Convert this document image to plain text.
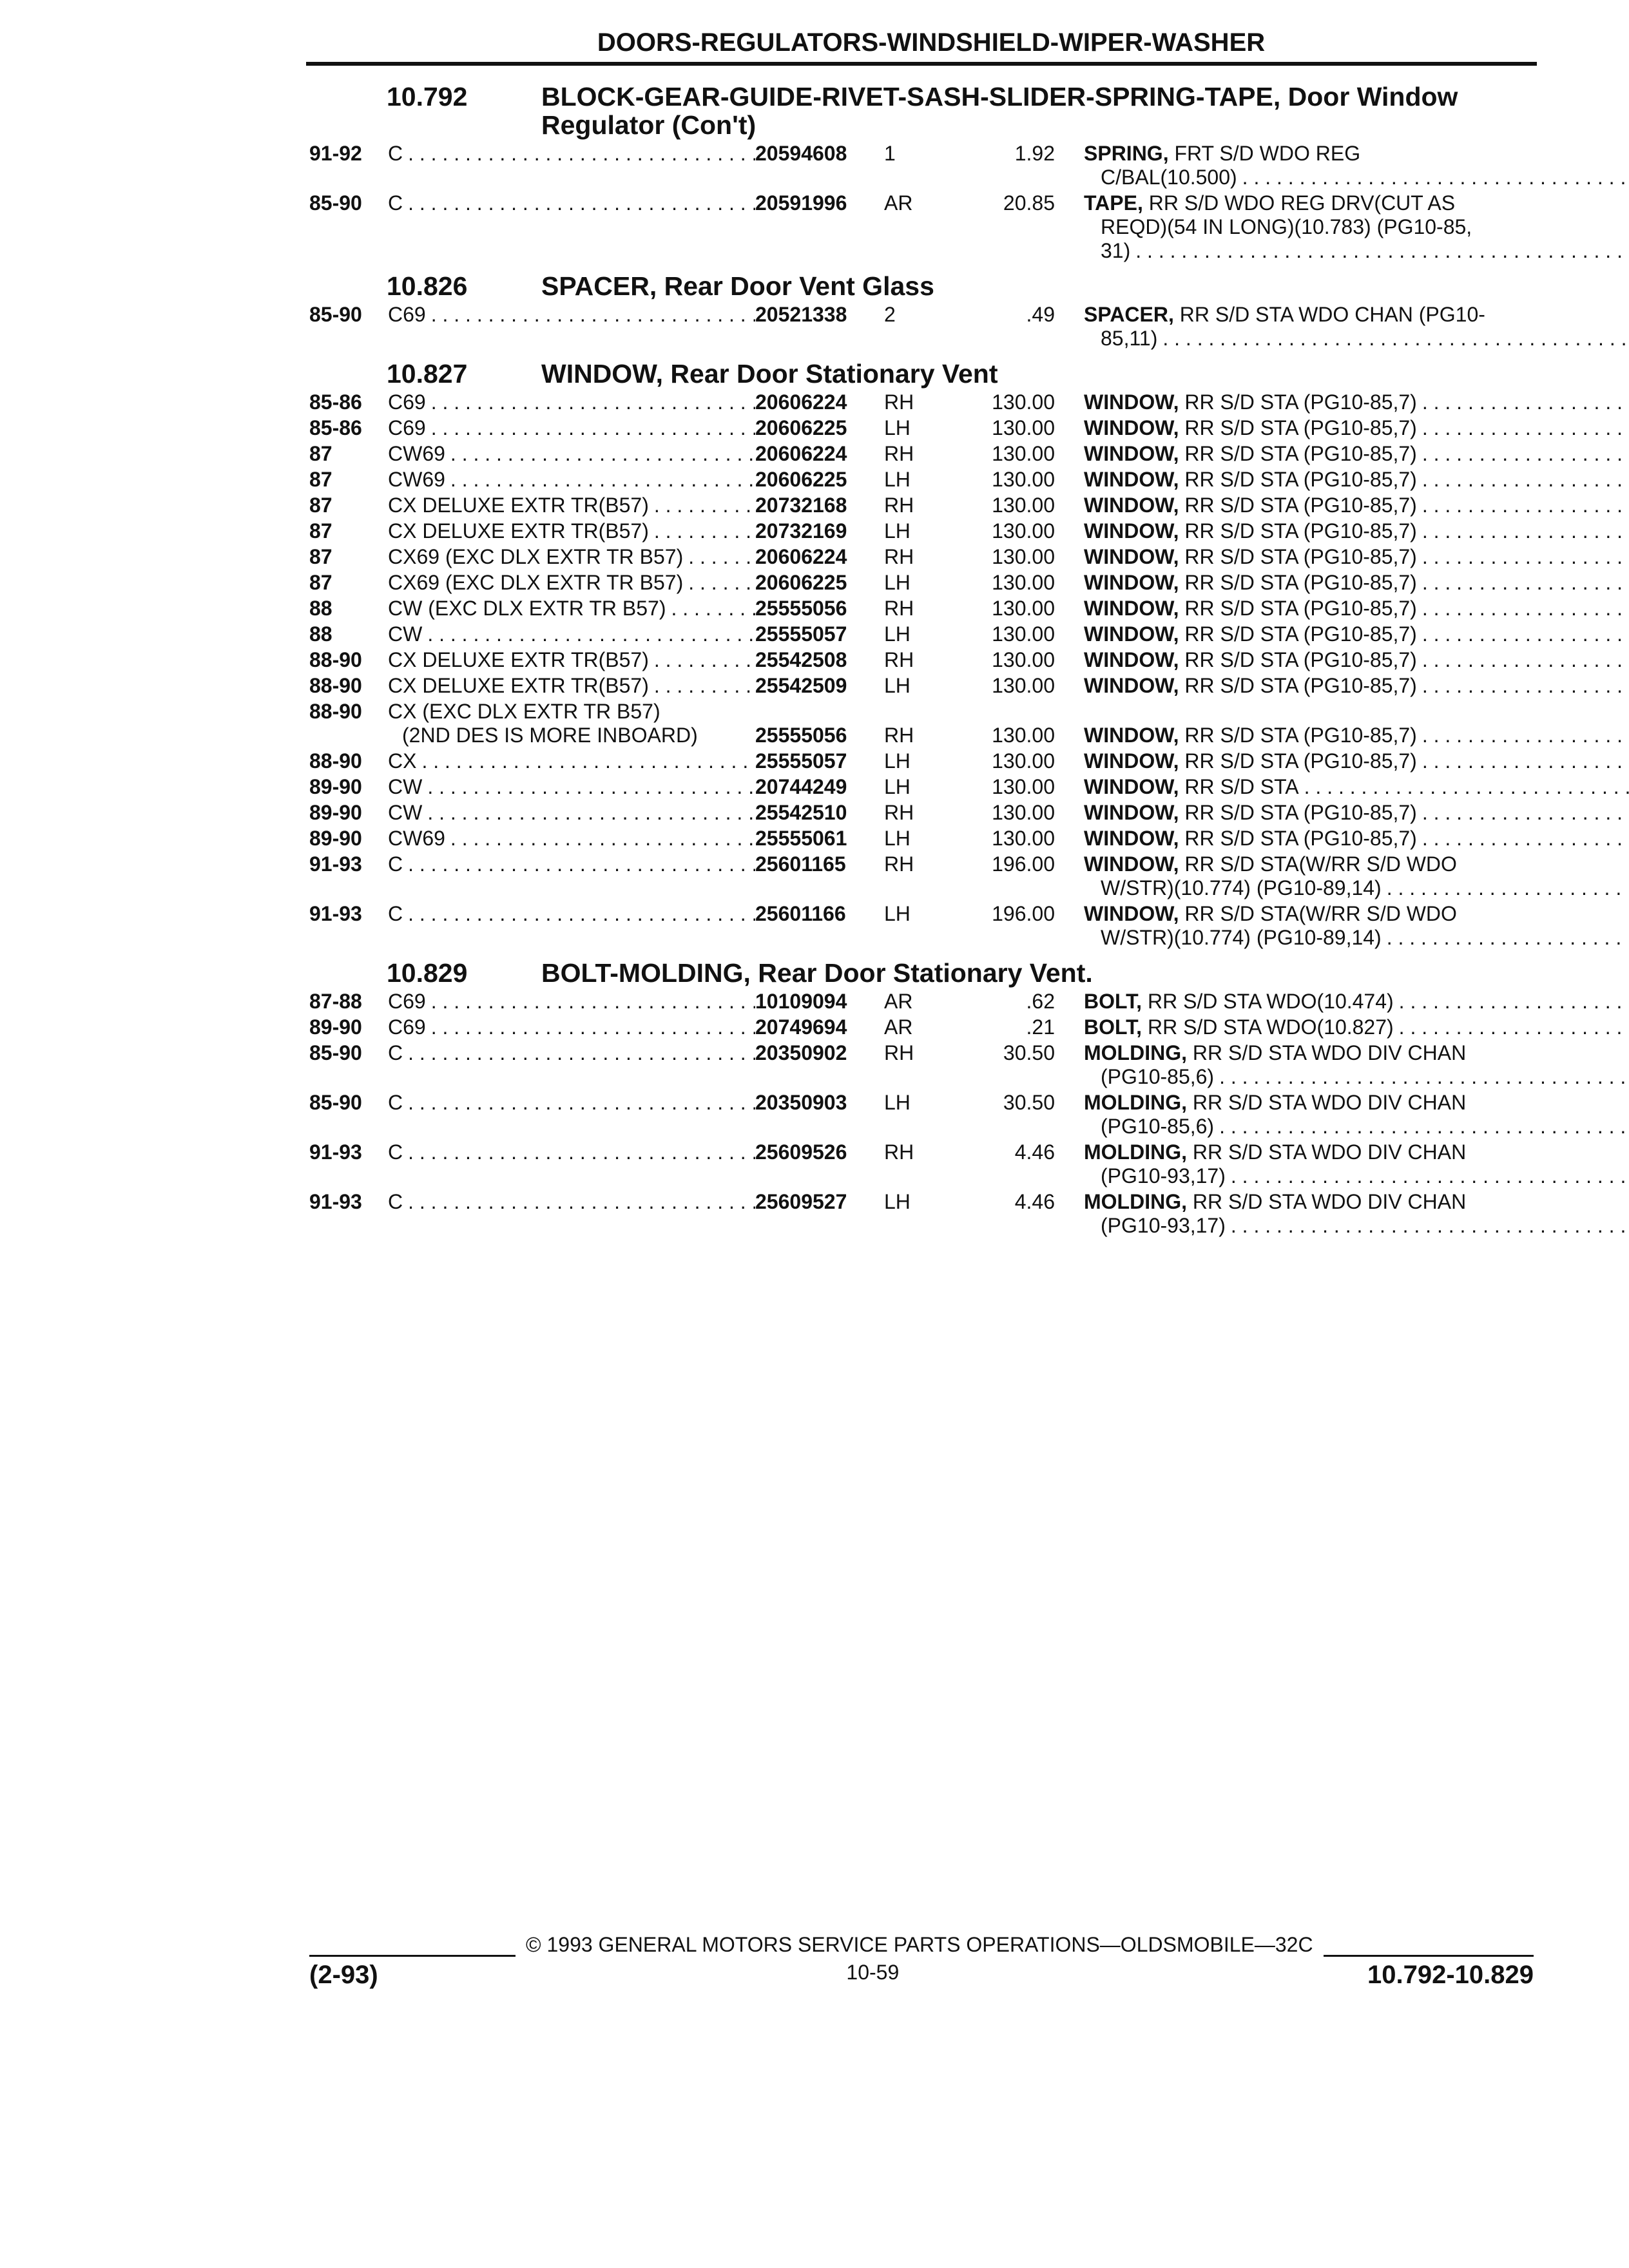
DOORS-REGULATORS-WINDSHIELD-WIPER-WASHER
10.792	BLOCK-GEAR-GUIDE-RIVET-SASH-SLIDER-SPRING-TAPE, Door Window Regulator (Con't)
91-92	C . . .	20594608	1	1.92	SPRING, FRT S/D WDO REG
C/BAL(10.500) . . .
85-90	C . . .	20591996	AR	20.85	TAPE, RR S/D WDO REG DRV(CUT AS
REQD)(54 IN LONG)(10.783) (PG10-85,
31) . . .
10.826	SPACER, Rear Door Vent Glass
85-90	C69 . . .	20521338	2	.49	SPACER, RR S/D STA WDO CHAN (PG10-
85,11) . . .
10.827	WINDOW, Rear Door Stationary Vent
85-86	C69 . . .	20606224	RH	130.00	WINDOW, RR S/D STA (PG10-85,7) . . .
85-86	C69 . . .	20606225	LH	130.00	WINDOW, RR S/D STA (PG10-85,7) . . .
87	CW69 . . .	20606224	RH	130.00	WINDOW, RR S/D STA (PG10-85,7) . . .
87	CW69 . . .	20606225	LH	130.00	WINDOW, RR S/D STA (PG10-85,7) . . .
87	CX DELUXE EXTR TR(B57) . . .	20732168	RH	130.00	WINDOW, RR S/D STA (PG10-85,7) . . .
87	CX DELUXE EXTR TR(B57) . . .	20732169	LH	130.00	WINDOW, RR S/D STA (PG10-85,7) . . .
87	CX69 (EXC DLX EXTR TR B57) . . .	20606224	RH	130.00	WINDOW, RR S/D STA (PG10-85,7) . . .
87	CX69 (EXC DLX EXTR TR B57) . . .	20606225	LH	130.00	WINDOW, RR S/D STA (PG10-85,7) . . .
88	CW (EXC DLX EXTR TR B57) . . .	25555056	RH	130.00	WINDOW, RR S/D STA (PG10-85,7) . . .
88	CW . . .	25555057	LH	130.00	WINDOW, RR S/D STA (PG10-85,7) . . .
88-90	CX DELUXE EXTR TR(B57) . . .	25542508	RH	130.00	WINDOW, RR S/D STA (PG10-85,7) . . .
88-90	CX DELUXE EXTR TR(B57) . . .	25542509	LH	130.00	WINDOW, RR S/D STA (PG10-85,7) . . .
88-90	CX (EXC DLX EXTR TR B57)
(2ND DES IS MORE INBOARD)	25555056	RH	130.00	WINDOW, RR S/D STA (PG10-85,7) . . .
88-90	CX . . .	25555057	LH	130.00	WINDOW, RR S/D STA (PG10-85,7) . . .
89-90	CW . . .	20744249	LH	130.00	WINDOW, RR S/D STA . . .
89-90	CW . . .	25542510	RH	130.00	WINDOW, RR S/D STA (PG10-85,7) . . .
89-90	CW69 . . .	25555061	LH	130.00	WINDOW, RR S/D STA (PG10-85,7) . . .
91-93	C . . .	25601165	RH	196.00	WINDOW, RR S/D STA(W/RR S/D WDO
W/STR)(10.774) (PG10-89,14) . . .
91-93	C . . .	25601166	LH	196.00	WINDOW, RR S/D STA(W/RR S/D WDO
W/STR)(10.774) (PG10-89,14) . . .
10.829	BOLT-MOLDING, Rear Door Stationary Vent.
87-88	C69 . . .	10109094	AR	.62	BOLT, RR S/D STA WDO(10.474) . . .
89-90	C69 . . .	20749694	AR	.21	BOLT, RR S/D STA WDO(10.827) . . .
85-90	C . . .	20350902	RH	30.50	MOLDING, RR S/D STA WDO DIV CHAN
(PG10-85,6) . . .
85-90	C . . .	20350903	LH	30.50	MOLDING, RR S/D STA WDO DIV CHAN
(PG10-85,6) . . .
91-93	C . . .	25609526	RH	4.46	MOLDING, RR S/D STA WDO DIV CHAN
(PG10-93,17) . . .
91-93	C . . .	25609527	LH	4.46	MOLDING, RR S/D STA WDO DIV CHAN
(PG10-93,17) . . .
© 1993 GENERAL MOTORS SERVICE PARTS OPERATIONS—OLDSMOBILE—32C
(2-93)	10-59	10.792-10.829
